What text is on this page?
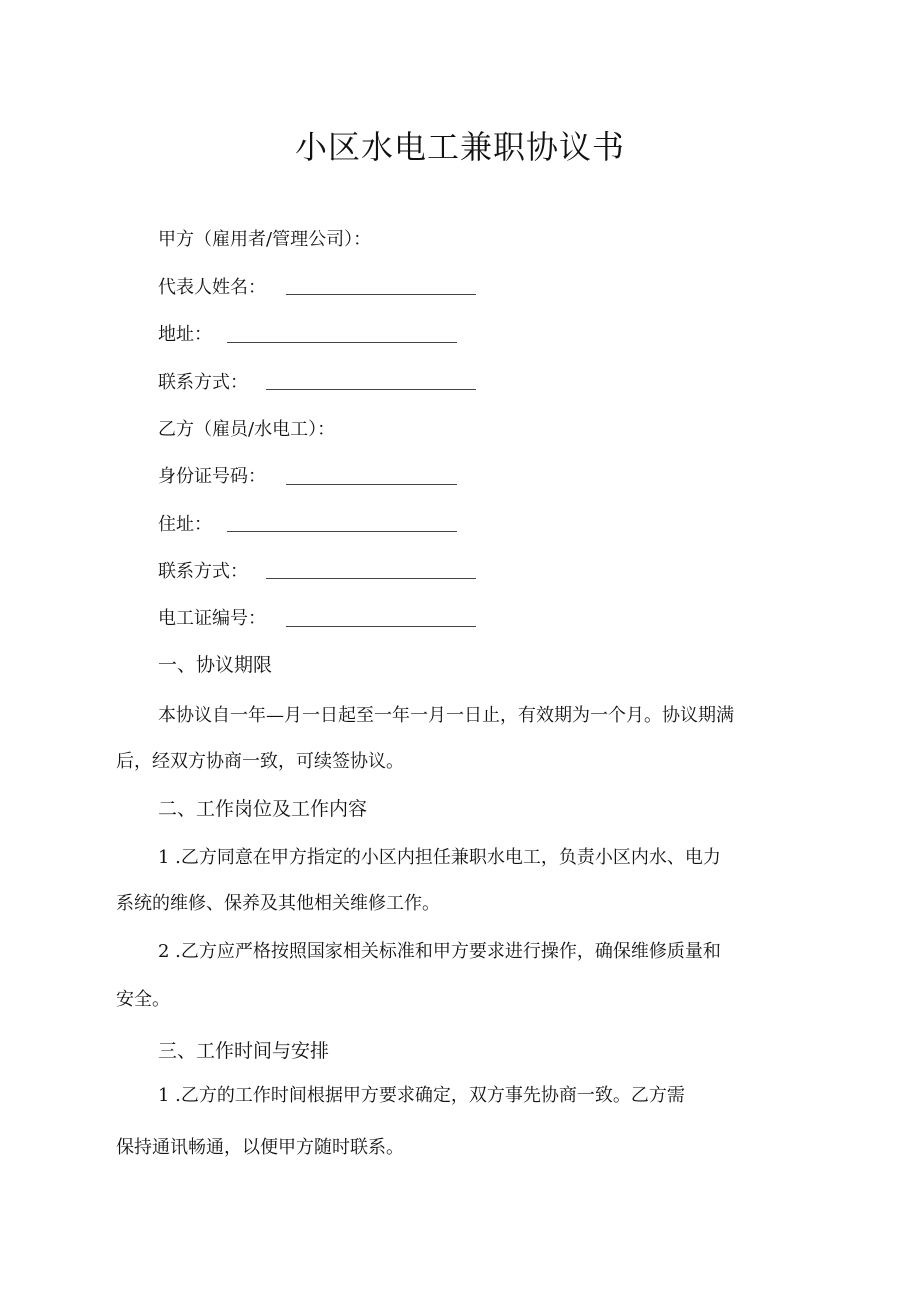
小区水电工兼职协议书
甲方（雇用者/管理公司）：
代表人姓名：
地址：
联系方式：
乙方（雇员/水电工）：
身份证号码：
住址：
联系方式：
电工证编号：
一、协议期限
本协议自一年—月一日起至一年一月一日止，有效期为一个月。协议期满
后，经双方协商一致，可续签协议。
二、工作岗位及工作内容
1 .乙方同意在甲方指定的小区内担任兼职水电工，负责小区内水、电力
系统的维修、保养及其他相关维修工作。
2 .乙方应严格按照国家相关标准和甲方要求进行操作，确保维修质量和
安全。
三、工作时间与安排
1 .乙方的工作时间根据甲方要求确定，双方事先协商一致。乙方需
保持通讯畅通，以便甲方随时联系。
